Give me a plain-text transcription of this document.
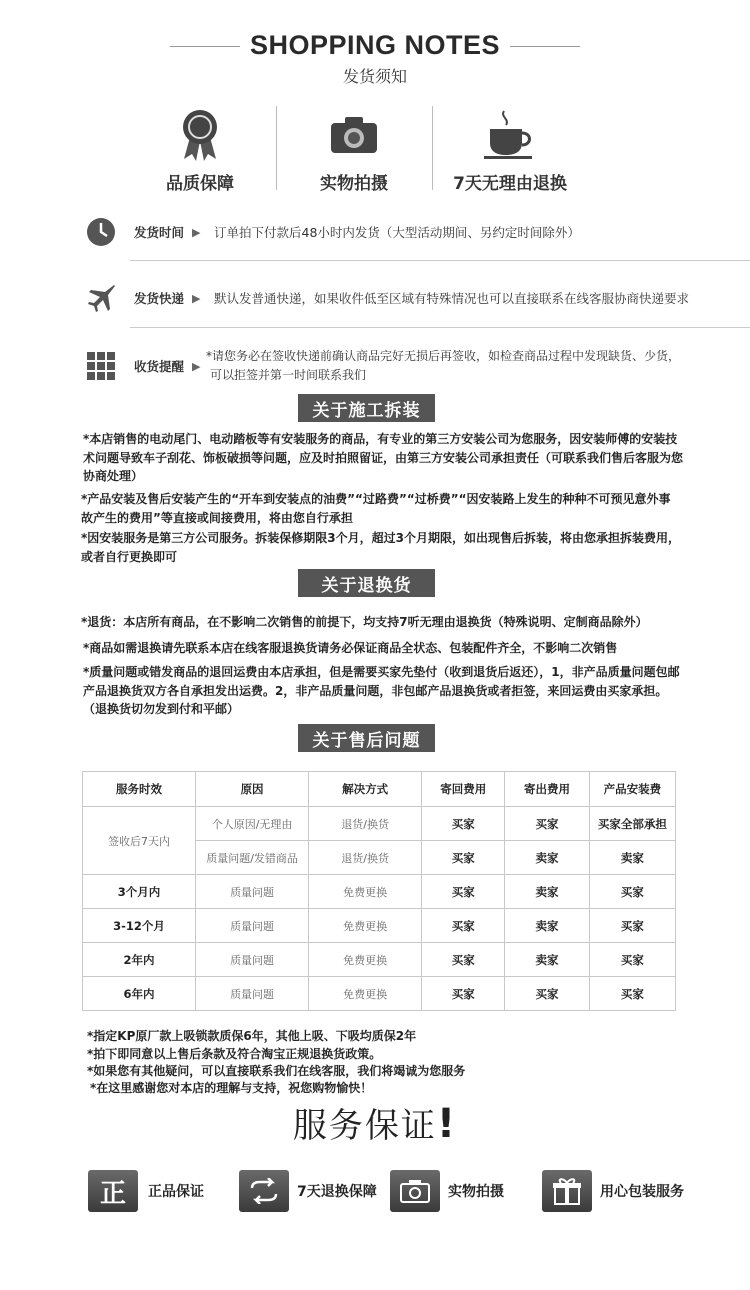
SHOPPING NOTES
发货须知
品质保障	实物拍摄	7天无理由退换
发货时间 ▶	订单拍下付款后48小时内发货（大型活动期间、另约定时间除外）
发货快递 ▶	默认发普通快递，如果收件低至区域有特殊情况也可以直接联系在线客服协商快递要求
收货提醒 ▶
*请您务必在签收快递前确认商品完好无损后再签收，如检查商品过程中发现缺货、少货，
可以拒签并第一时间联系我们
关于施工拆装
*本店销售的电动尾门、电动踏板等有安装服务的商品，有专业的第三方安装公司为您服务，因安装师傅的安装技术问题导致车子刮花、饰板破损等问题，应及时拍照留证，由第三方安装公司承担责任（可联系我们售后客服为您协商处理）
*产品安装及售后安装产生的“开车到安装点的油费”“过路费”“过桥费”“因安装路上发生的种种不可预见意外事故产生的费用”等直接或间接费用，将由您自行承担
*因安装服务是第三方公司服务。拆装保修期限3个月，超过3个月期限，如出现售后拆装，将由您承担拆装费用，或者自行更换即可
关于退换货
*退货：本店所有商品，在不影响二次销售的前提下，均支持7听无理由退换货（特殊说明、定制商品除外）
*商品如需退换请先联系本店在线客服退换货请务必保证商品全状态、包装配件齐全，不影响二次销售
*质量问题或错发商品的退回运费由本店承担，但是需要买家先垫付（收到退货后返还），1，非产品质量问题包邮产品退换货双方各自承担发出运费。2，非产品质量问题，非包邮产品退换货或者拒签，来回运费由买家承担。（退换货切勿发到付和平邮）
关于售后问题
服务时效	原因	解决方式	寄回费用	寄出费用	产品安装费
签收后7天内	个人原因/无理由	退货/换货	买家	买家	买家全部承担
	质量问题/发错商品	退货/换货	买家	卖家	卖家
3个月内	质量问题	免费更换	买家	卖家	买家
3-12个月	质量问题	免费更换	买家	卖家	买家
2年内	质量问题	免费更换	买家	卖家	买家
6年内	质量问题	免费更换	买家	买家	买家
*指定KP原厂款上吸锁款质保6年，其他上吸、下吸均质保2年
*拍下即同意以上售后条款及符合淘宝正规退换货政策。
*如果您有其他疑问，可以直接联系我们在线客服，我们将竭诚为您服务
*在这里感谢您对本店的理解与支持，祝您购物愉快！
服务保证!
正	正品保证	7天退换保障	实物拍摄	用心包装服务
